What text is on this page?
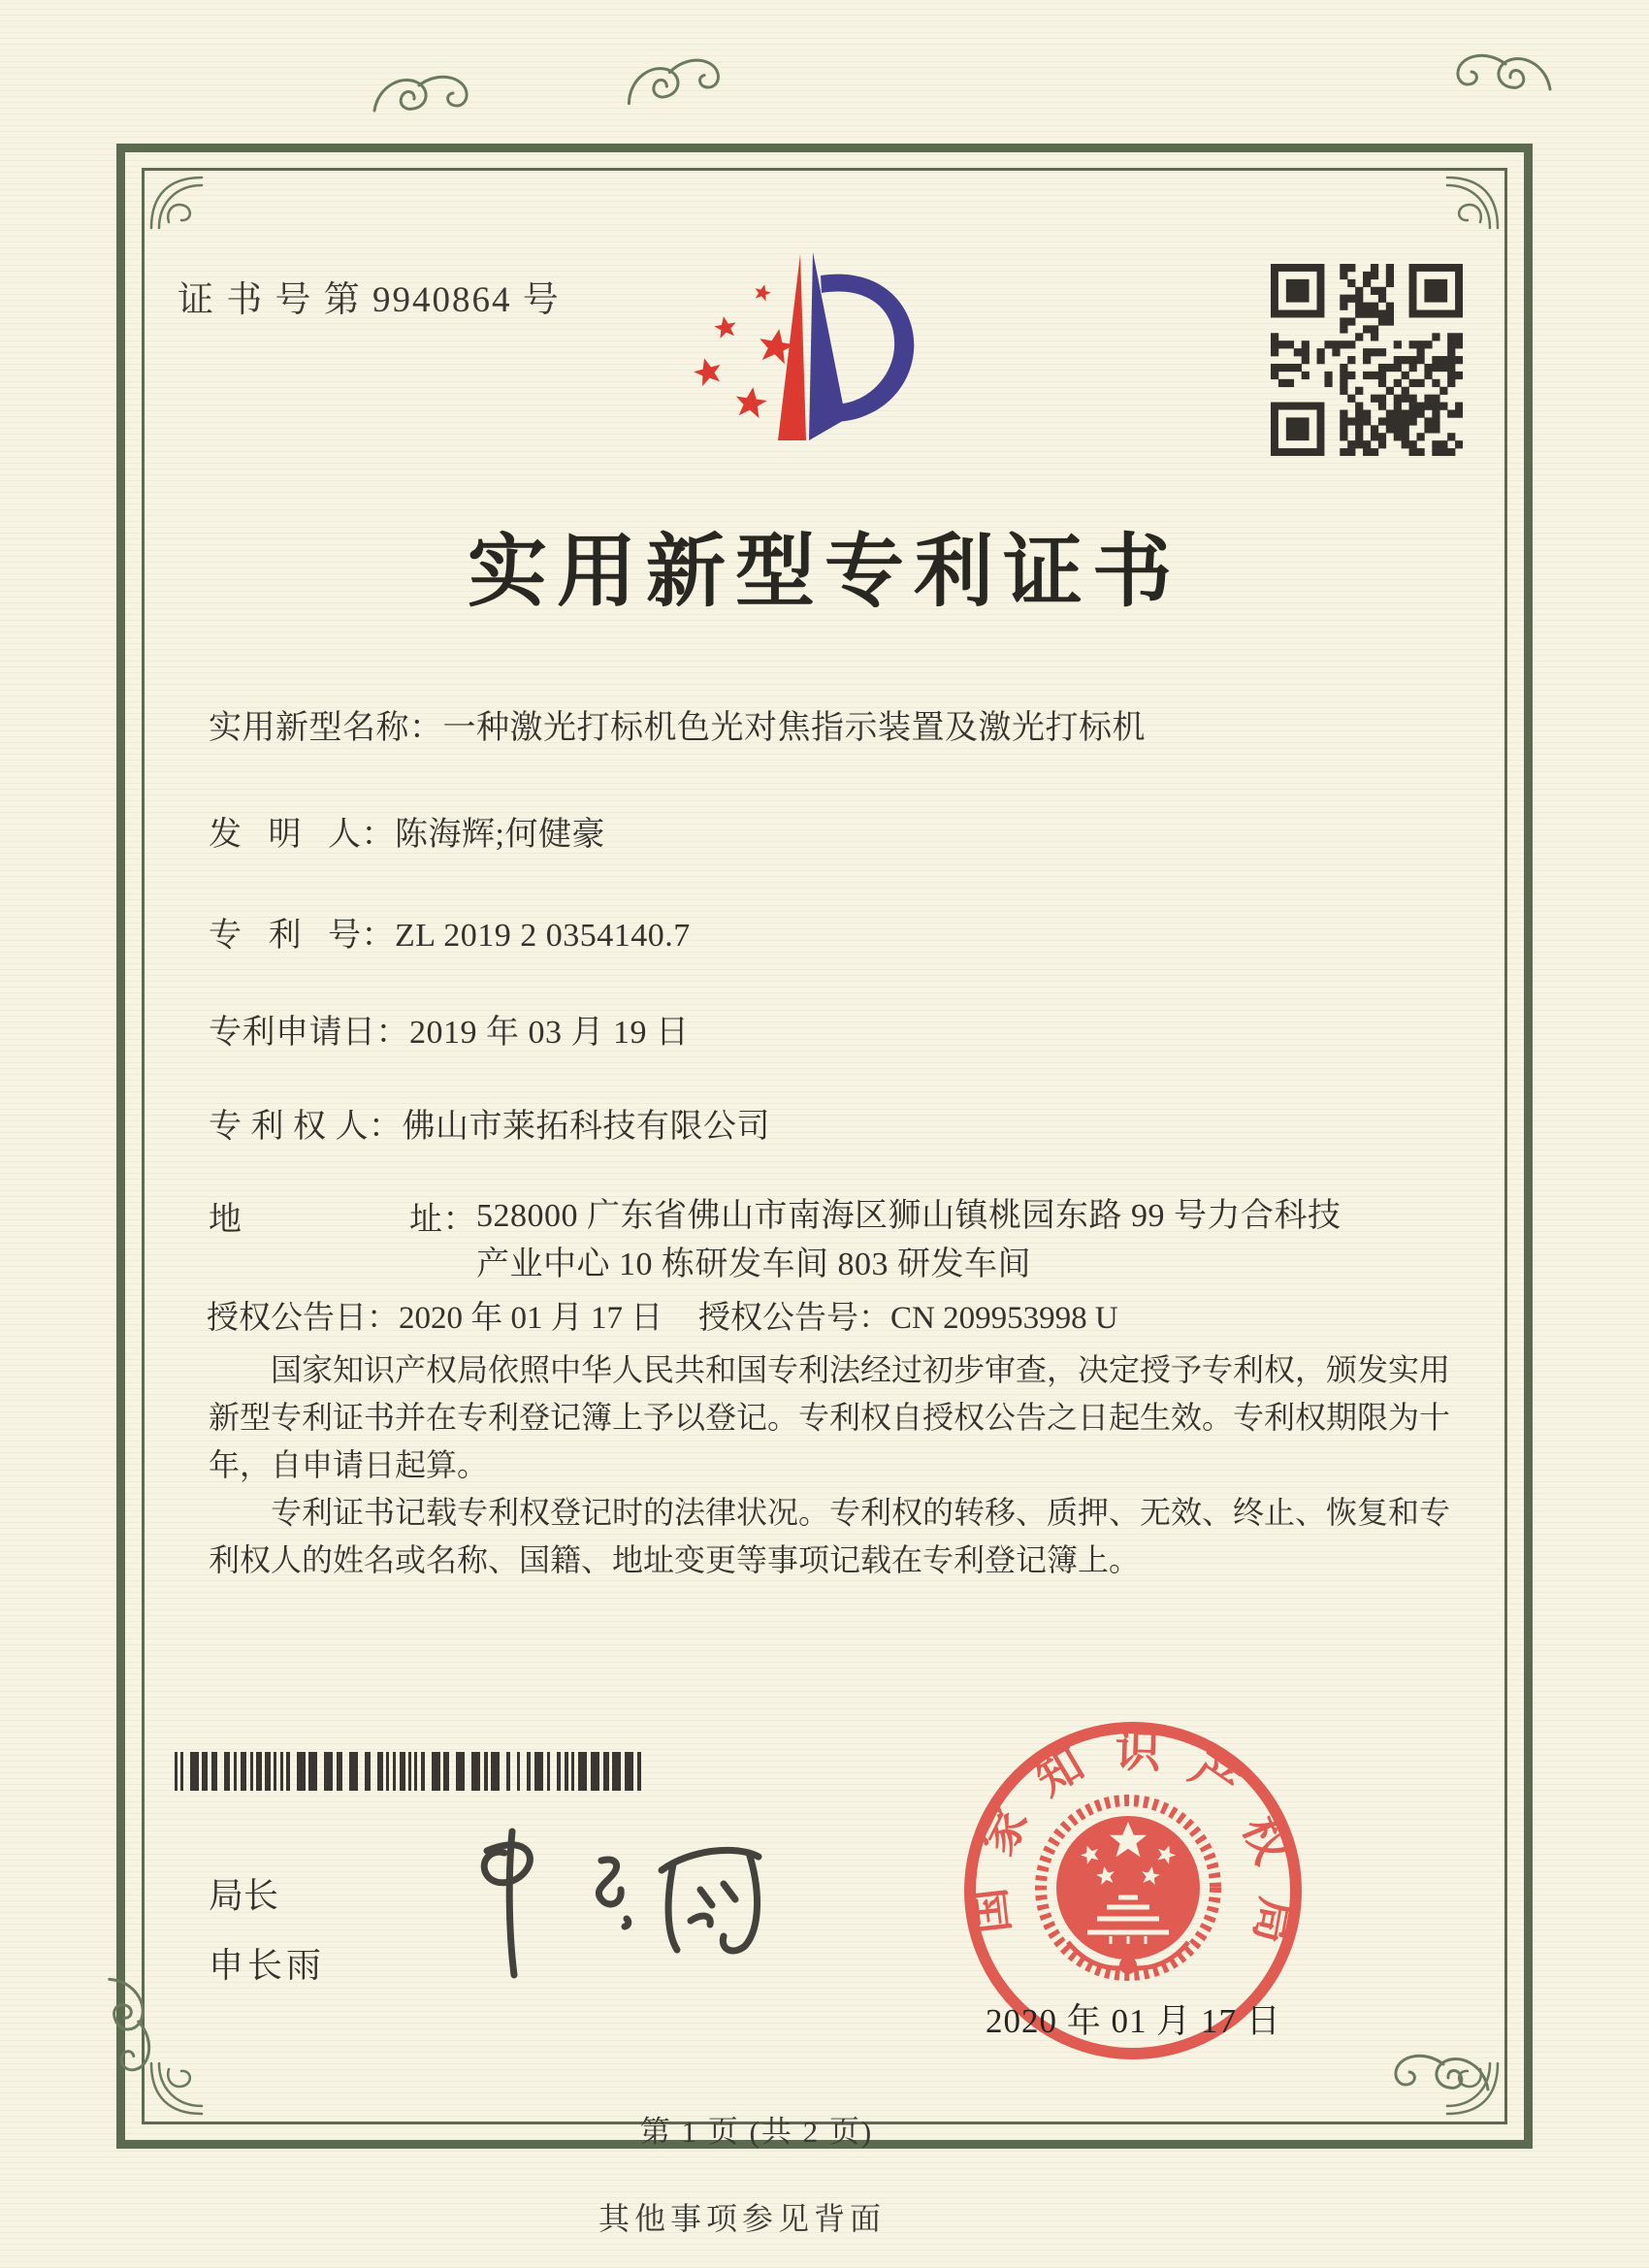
证 书 号 第 9940864 号
实用新型专利证书
实用新型名称：一种激光打标机色光对焦指示装置及激光打标机
发   明   人：陈海辉;何健豪
专   利   号：ZL 2019 2 0354140.7
专利申请日：2019 年 03 月 19 日
专 利 权 人：佛山市莱拓科技有限公司
地　　　　　址：528000 广东省佛山市南海区狮山镇桃园东路 99 号力合科技产业中心 10 栋研发车间 803 研发车间
授权公告日：2020 年 01 月 17 日 授权公告号：CN 209953998 U

国家知识产权局依照中华人民共和国专利法经过初步审查，决定授予专利权，颁发实用新型专利证书并在专利登记簿上予以登记。专利权自授权公告之日起生效。专利权期限为十年，自申请日起算。

专利证书记载专利权登记时的法律状况。专利权的转移、质押、无效、终止、恢复和专利权人的姓名或名称、国籍、地址变更等事项记载在专利登记簿上。

局长
申长雨
国家知识产权局
2020 年 01 月 17 日
第 1 页 (共 2 页)
其他事项参见背面
